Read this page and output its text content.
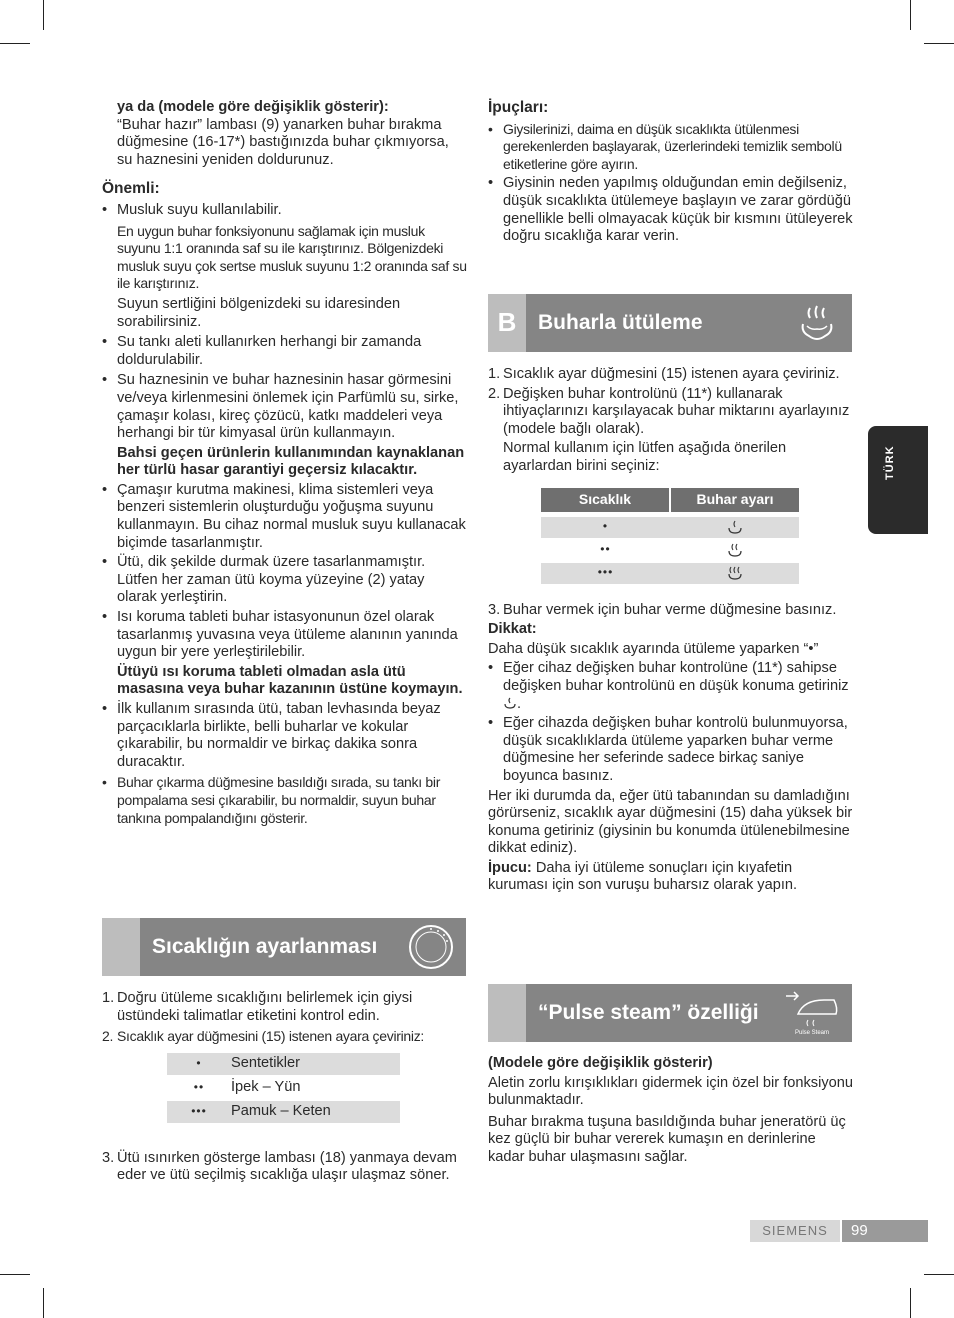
ya da (modele göre değişiklik gösterir):

“Buhar hazır” lambası (9) yanarken buhar bırakma düğmesine (16-17*) bastığınızda buhar çıkmıyorsa, su haznesini yeniden doldurunuz.

Önemli:

• Musluk suyu kullanılabilir.

En uygun buhar fonksiyonunu sağlamak için musluk suyunu 1:1 oranında saf su ile karıştırınız. Bölgenizdeki musluk suyu çok sertse musluk suyunu 1:2 oranında saf su ile karıştırınız.

Suyun sertliğini bölgenizdeki su idaresinden sorabilirsiniz.

• Su tankı aleti kullanırken herhangi bir zamanda doldurulabilir.

• Su haznesinin ve buhar haznesinin hasar görmesini ve/veya kirlenmesini önlemek için Parfümlü su, sirke, çamaşır kolası, kireç çözücü, katkı maddeleri veya herhangi bir tür kimyasal ürün kullanmayın.

Bahsi geçen ürünlerin kullanımından kaynaklanan her türlü hasar garantiyi geçersiz kılacaktır.

• Çamaşır kurutma makinesi, klima sistemleri veya benzeri sistemlerin oluşturduğu yoğuşma suyunu kullanmayın. Bu cihaz normal musluk suyu kullanacak biçimde tasarlanmıştır.

• Ütü, dik şekilde durmak üzere tasarlanmamıştır. Lütfen her zaman ütü koyma yüzeyine (2) yatay olarak yerleştirin.

• Isı koruma tableti buhar istasyonunun özel olarak tasarlanmış yuvasına veya ütüleme alanının yanında uygun bir yere yerleştirilebilir.

Ütüyü ısı koruma tableti olmadan asla ütü masasına veya buhar kazanının üstüne koymayın.

• İlk kullanım sırasında ütü, taban levhasında beyaz parçacıklarla birlikte, belli buharlar ve kokular çıkarabilir, bu normaldir ve birkaç dakika sonra duracaktır.

• Buhar çıkarma düğmesine basıldığı sırada, su tankı bir pompalama sesi çıkarabilir, bu normaldir, suyun buhar tankına pompalandığını gösterir.

Sıcaklığın ayarlanması

1. Doğru ütüleme sıcaklığını belirlemek için giysi üstündeki talimatlar etiketini kontrol edin.

2. Sıcaklık ayar düğmesini (15) istenen ayara çeviriniz:

•	Sentetikler
••	İpek – Yün
•••	Pamuk – Keten

3. Ütü ısınırken gösterge lambası (18) yanmaya devam eder ve ütü seçilmiş sıcaklığa ulaşır ulaşmaz söner.

İpuçları:

• Giysilerinizi, daima en düşük sıcaklıkta ütülenmesi gerekenlerden başlayarak, üzerlerindeki temizlik sembolü etiketlerine göre ayırın.

• Giysinin neden yapılmış olduğundan emin değilseniz, düşük sıcaklıkta ütülemeye başlayın ve zarar gördüğü genellikle belli olmayacak küçük bir kısmını ütüleyerek doğru sıcaklığa karar verin.

B	Buharla ütüleme

1. Sıcaklık ayar düğmesini (15) istenen ayara çeviriniz.

2. Değişken buhar kontrolünü (11*) kullanarak ihtiyaçlarınızı karşılayacak buhar miktarını ayarlayınız (modele bağlı olarak).

Normal kullanım için lütfen aşağıda önerilen ayarlardan birini seçiniz:

Sıcaklık	Buhar ayarı
•
••
•••

3. Buhar vermek için buhar verme düğmesine basınız.

Dikkat:

Daha düşük sıcaklık ayarında ütüleme yaparken “•”

• Eğer cihaz değişken buhar kontrolüne (11*) sahipse değişken buhar kontrolünü en düşük konuma getiriniz .

• Eğer cihazda değişken buhar kontrolü bulunmuyorsa, düşük sıcaklıklarda ütüleme yaparken buhar verme düğmesine her seferinde sadece birkaç saniye boyunca basınız.

Her iki durumda da, eğer ütü tabanından su damladığını görürseniz, sıcaklık ayar düğmesini (15) daha yüksek bir konuma getiriniz (giysinin bu konumda ütülenebilmesine dikkat ediniz).

İpucu: Daha iyi ütüleme sonuçları için kıyafetin kuruması için son vuruşu buharsız olarak yapın.

“Pulse steam” özelliği
Pulse Steam

(Modele göre değişiklik gösterir)

Aletin zorlu kırışıklıkları gidermek için özel bir fonksiyonu bulunmaktadır.

Buhar bırakma tuşuna basıldığında buhar jeneratörü üç kez güçlü bir buhar vererek kumaşın en derinlerine kadar buhar ulaşmasını sağlar.

TÜRK
SIEMENS	99
